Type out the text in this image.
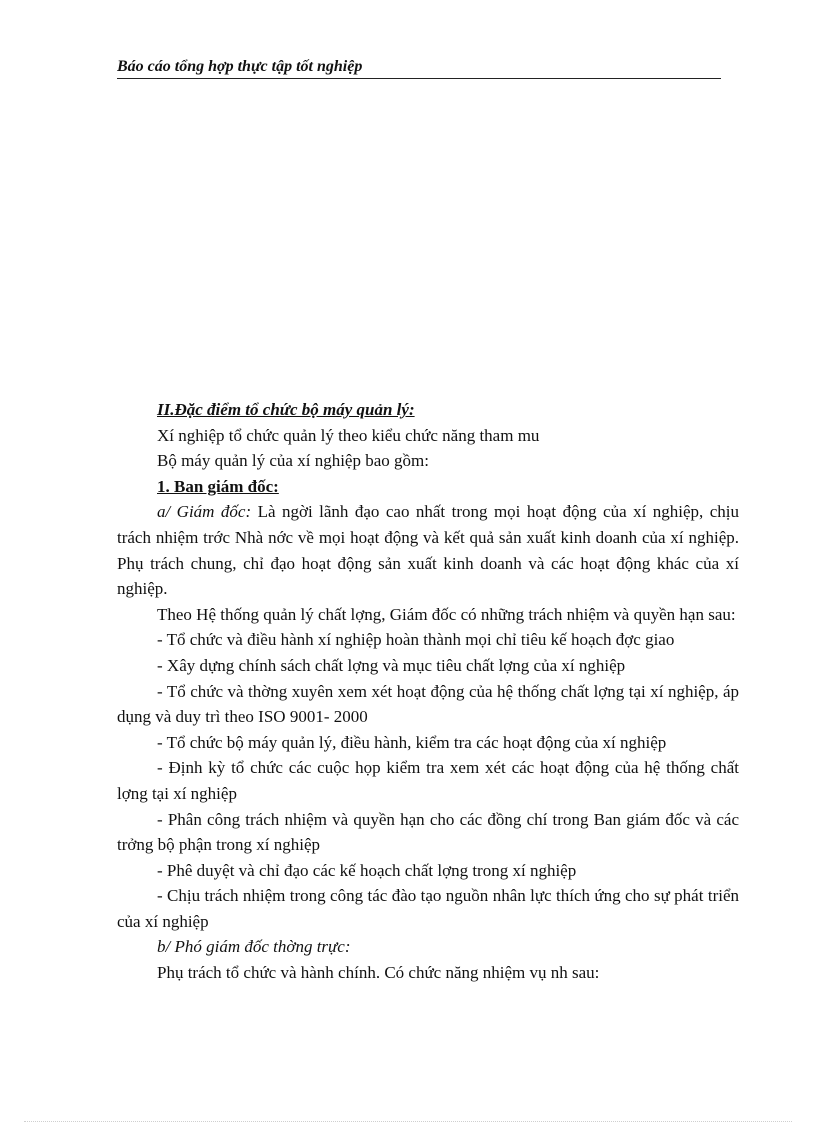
Báo cáo tổng hợp thực tập tốt nghiệp

II.Đặc điểm tổ chức bộ máy quản lý:

Xí nghiệp tổ chức quản lý theo kiểu chức năng tham mu

Bộ máy quản lý của xí nghiệp bao gồm:

1. Ban giám đốc:

a/ Giám đốc: Là ngời lãnh đạo cao nhất trong mọi hoạt động của xí nghiệp, chịu trách nhiệm trớc Nhà nớc về mọi hoạt động và kết quả sản xuất kinh doanh của xí nghiệp. Phụ trách chung, chỉ đạo hoạt động sản xuất kinh doanh và các hoạt động khác của xí nghiệp.

Theo Hệ thống quản lý chất lợng, Giám đốc có những trách nhiệm và quyền hạn sau:

- Tổ chức và điều hành xí nghiệp hoàn thành mọi chỉ tiêu kế hoạch đợc giao

- Xây dựng chính sách chất lợng và mục tiêu chất lợng của xí nghiệp

- Tổ chức và thờng xuyên xem xét hoạt động của hệ thống chất lợng tại xí nghiệp, áp dụng và duy trì theo ISO 9001- 2000

- Tổ chức bộ máy quản lý, điều hành, kiểm tra các hoạt động của xí nghiệp

- Định kỳ tổ chức các cuộc họp kiểm tra xem xét các hoạt động của hệ thống chất lợng tại xí nghiệp

- Phân công trách nhiệm và quyền hạn cho các đồng chí trong Ban giám đốc và các trởng bộ phận trong xí nghiệp

- Phê duyệt và chỉ đạo các kế hoạch chất lợng trong xí nghiệp

- Chịu trách nhiệm trong công tác đào tạo nguồn nhân lực thích ứng cho sự phát triển của xí nghiệp

b/ Phó giám đốc thờng trực:

Phụ trách tổ chức và hành chính. Có chức năng nhiệm vụ nh sau:
